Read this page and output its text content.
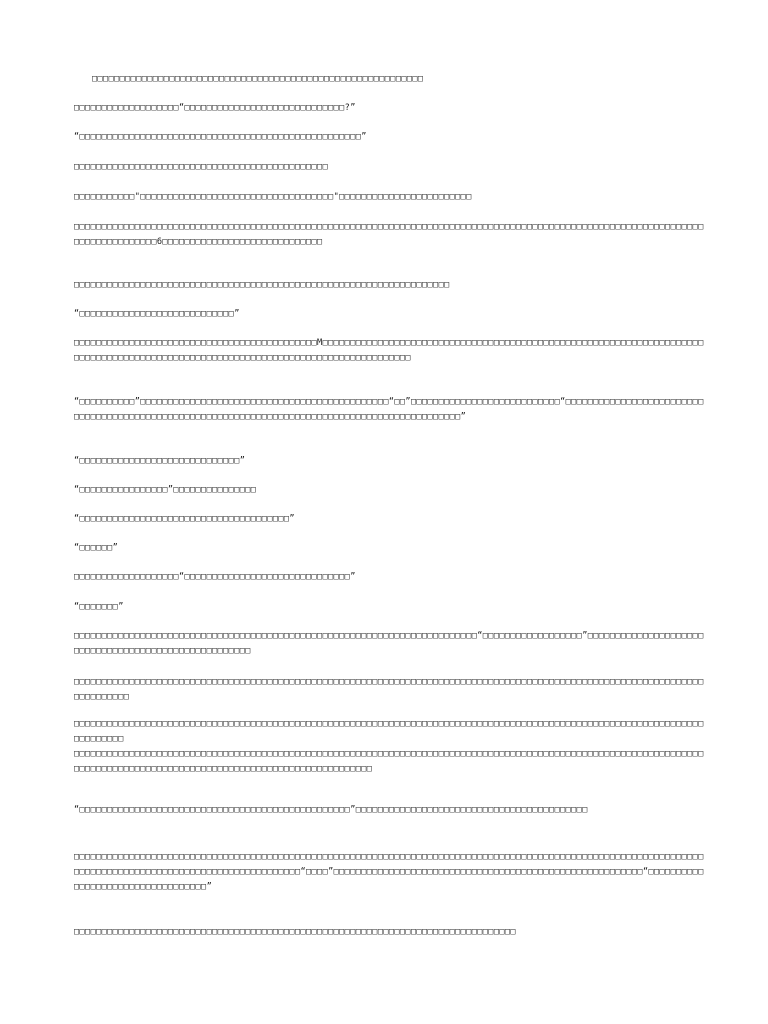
□□□□□□□□□□□□□□□□□□□□□□□□□□□□□□□□□□□□□□□□□□□□□□□□□□□□□□□□□□□□

□□□□□□□□□□□□□□□□□□□“□□□□□□□□□□□□□□□□□□□□□□□□□□□□□?”

“□□□□□□□□□□□□□□□□□□□□□□□□□□□□□□□□□□□□□□□□□□□□□□□□□□□”

□□□□□□□□□□□□□□□□□□□□□□□□□□□□□□□□□□□□□□□□□□□□□□

□□□□□□□□□□□"□□□□□□□□□□□□□□□□□□□□□□□□□□□□□□□□□□□"□□□□□□□□□□□□□□□□□□□□□□□□

□□□□□□□□□□□□□□□□□□□□□□□□□□□□□□□□□□□□□□□□□□□□□□□□□□□□□□□□□□□□□□□□□□□□□□□□□□□□□□□□□□□□□□□□□□□□□□□□□□□□□□□□□□□□□□□□□□□□□□□□□□□□□□□□□6□□□□□□□□□□□□□□□□□□□□□□□□□□□□□

□□□□□□□□□□□□□□□□□□□□□□□□□□□□□□□□□□□□□□□□□□□□□□□□□□□□□□□□□□□□□□□□□□□□

“□□□□□□□□□□□□□□□□□□□□□□□□□□□□”

□□□□□□□□□□□□□□□□□□□□□□□□□□□□□□□□□□□□□□□□□□□□M□□□□□□□□□□□□□□□□□□□□□□□□□□□□□□□□□□□□□□□□□□□□□□□□□□□□□□□□□□□□□□□□□□□□□□□□□□□□□□□□□□□□□□□□□□□□□□□□□□□□□□□□□□□□□□□□□□□□□□□□□□□□□□□□□□

“□□□□□□□□□□”□□□□□□□□□□□□□□□□□□□□□□□□□□□□□□□□□□□□□□□□□□□□□“□□”□□□□□□□□□□□□□□□□□□□□□□□□□□□“□□□□□□□□□□□□□□□□□□□□□□□□□□□□□□□□□□□□□□□□□□□□□□□□□□□□□□□□□□□□□□□□□□□□□□□□□□□□□□□□□□□□□□□□□□□□□□□”

“□□□□□□□□□□□□□□□□□□□□□□□□□□□□□”

“□□□□□□□□□□□□□□□□”□□□□□□□□□□□□□□□

“□□□□□□□□□□□□□□□□□□□□□□□□□□□□□□□□□□□□□□”

“□□□□□□”

□□□□□□□□□□□□□□□□□□□“□□□□□□□□□□□□□□□□□□□□□□□□□□□□□□”

“□□□□□□□”

□□□□□□□□□□□□□□□□□□□□□□□□□□□□□□□□□□□□□□□□□□□□□□□□□□□□□□□□□□□□□□□□□□□□□□□□□“□□□□□□□□□□□□□□□□□□”□□□□□□□□□□□□□□□□□□□□□□□□□□□□□□□□□□□□□□□□□□□□□□□□□□□□□

□□□□□□□□□□□□□□□□□□□□□□□□□□□□□□□□□□□□□□□□□□□□□□□□□□□□□□□□□□□□□□□□□□□□□□□□□□□□□□□□□□□□□□□□□□□□□□□□□□□□□□□□□□□□□□□□□□□□□□□□□□□□

□□□□□□□□□□□□□□□□□□□□□□□□□□□□□□□□□□□□□□□□□□□□□□□□□□□□□□□□□□□□□□□□□□□□□□□□□□□□□□□□□□□□□□□□□□□□□□□□□□□□□□□□□□□□□□□□□□□□□□□□□□□
□□□□□□□□□□□□□□□□□□□□□□□□□□□□□□□□□□□□□□□□□□□□□□□□□□□□□□□□□□□□□□□□□□□□□□□□□□□□□□□□□□□□□□□□□□□□□□□□□□□□□□□□□□□□□□□□□□□□□□□□□□□□□□□□□□□□□□□□□□□□□□□□□□□□□□□□□□□□□□□□□□□□□□□□

“□□□□□□□□□□□□□□□□□□□□□□□□□□□□□□□□□□□□□□□□□□□□□□□□□”□□□□□□□□□□□□□□□□□□□□□□□□□□□□□□□□□□□□□□□□□□

□□□□□□□□□□□□□□□□□□□□□□□□□□□□□□□□□□□□□□□□□□□□□□□□□□□□□□□□□□□□□□□□□□□□□□□□□□□□□□□□□□□□□□□□□□□□□□□□□□□□□□□□□□□□□□□□□□□□□□□□□□□□□□□□□□□□□□□□□□□□□□□□□□□□□□□□□□□“□□□□”□□□□□□□□□□□□□□□□□□□□□□□□□□□□□□□□□□□□□□□□□□□□□□□□□□□□□□□□“□□□□□□□□□□□□□□□□□□□□□□□□□□□□□□□□□□”

□□□□□□□□□□□□□□□□□□□□□□□□□□□□□□□□□□□□□□□□□□□□□□□□□□□□□□□□□□□□□□□□□□□□□□□□□□□□□□□□
